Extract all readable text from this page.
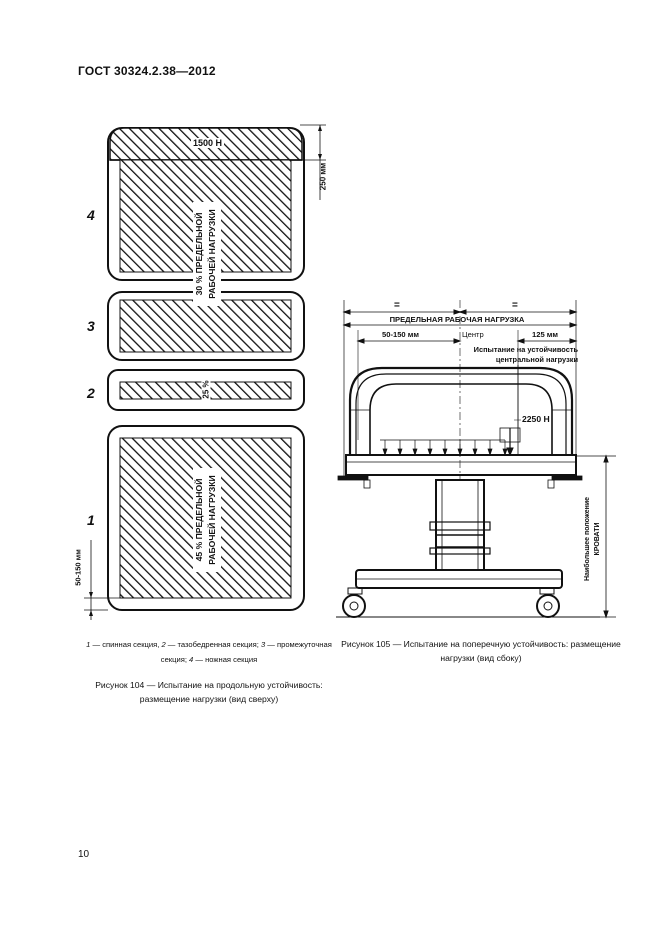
ГОСТ 30324.2.38—2012
1500 Н
250 мм
4
3
2
1
30 % ПРЕДЕЛЬНОЙ РАБОЧЕЙ НАГРУЗКИ
25 %
45 % ПРЕДЕЛЬНОЙ РАБОЧЕЙ НАГРУЗКИ
50-150 мм
=	=
ПРЕДЕЛЬНАЯ РАБОЧАЯ НАГРУЗКА
50-150 мм	Центр	125 мм
Испытание на устойчивость
центральной нагрузки
2250 Н
Наибольшее положение КРОВАТИ
1 — спинная секция, 2 — тазобедренная секция; 3 — промежуточная секция; 4 — ножная секция
Рисунок 104 — Испытание на продольную устойчивость: размещение нагрузки (вид сверху)
Рисунок 105 — Испытание на поперечную устойчивость: размещение нагрузки (вид сбоку)
10
